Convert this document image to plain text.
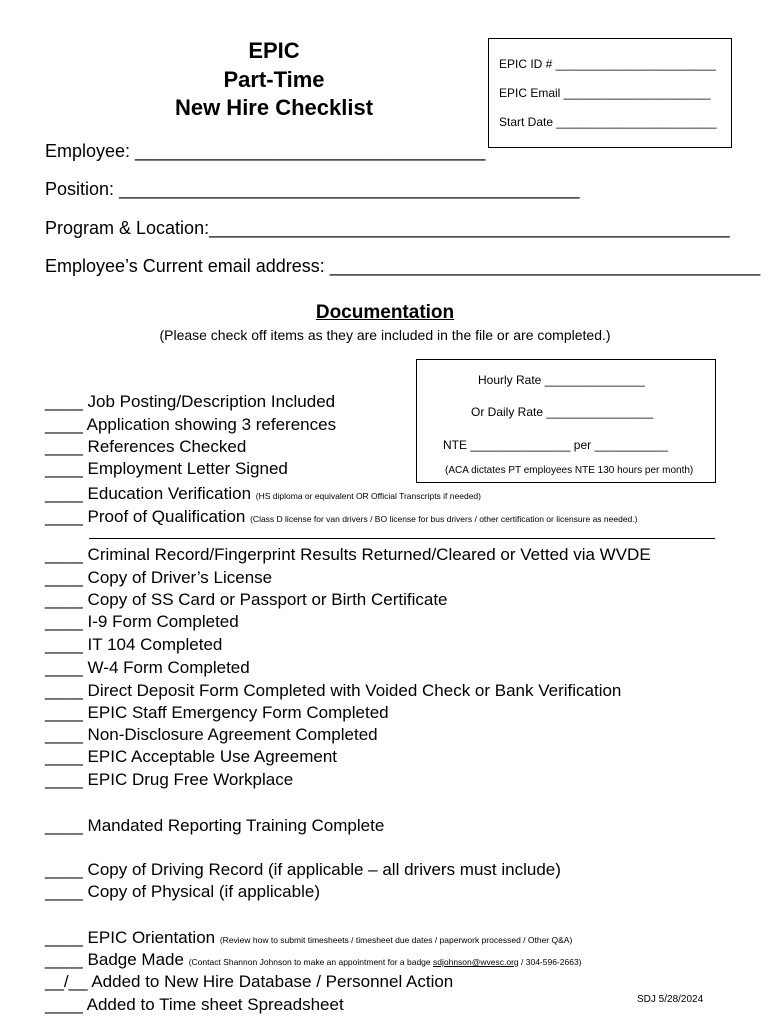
EPIC
Part-Time
New Hire Checklist
EPIC ID # ________________________
EPIC Email ______________________
Start Date ________________________
Employee: ___________________________________
Position: ______________________________________________
Program & Location:____________________________________________________
Employee’s Current email address: ___________________________________________
Documentation
(Please check off items as they are included in the file or are completed.)
Hourly Rate _______________
Or Daily Rate ________________
NTE _______________ per ___________
(ACA dictates PT employees NTE 130 hours per month)
____ Job Posting/Description Included
____ Application showing 3 references
____ References Checked
____ Employment Letter Signed
____ Education Verification (HS diploma or equivalent OR Official Transcripts if needed)
____ Proof of Qualification (Class D license for van drivers / BO license for bus drivers / other certification or licensure as needed.)
____ Criminal Record/Fingerprint Results Returned/Cleared or Vetted via WVDE
____ Copy of Driver’s License
____ Copy of SS Card or Passport or Birth Certificate
____ I-9 Form Completed
____ IT 104 Completed
____ W-4 Form Completed
____ Direct Deposit Form Completed with Voided Check or Bank Verification
____ EPIC Staff Emergency Form Completed
____ Non-Disclosure Agreement Completed
____ EPIC Acceptable Use Agreement
____ EPIC Drug Free Workplace
____ Mandated Reporting Training Complete
____ Copy of Driving Record (if applicable – all drivers must include)
____ Copy of Physical (if applicable)
____ EPIC Orientation (Review how to submit timesheets / timesheet due dates / paperwork processed / Other Q&A)
____ Badge Made (Contact Shannon Johnson to make an appointment for a badge sdjohnson@wvesc.org / 304-596-2663)
__/__ Added to New Hire Database / Personnel Action
____ Added to Time sheet Spreadsheet	SDJ 5/28/2024
